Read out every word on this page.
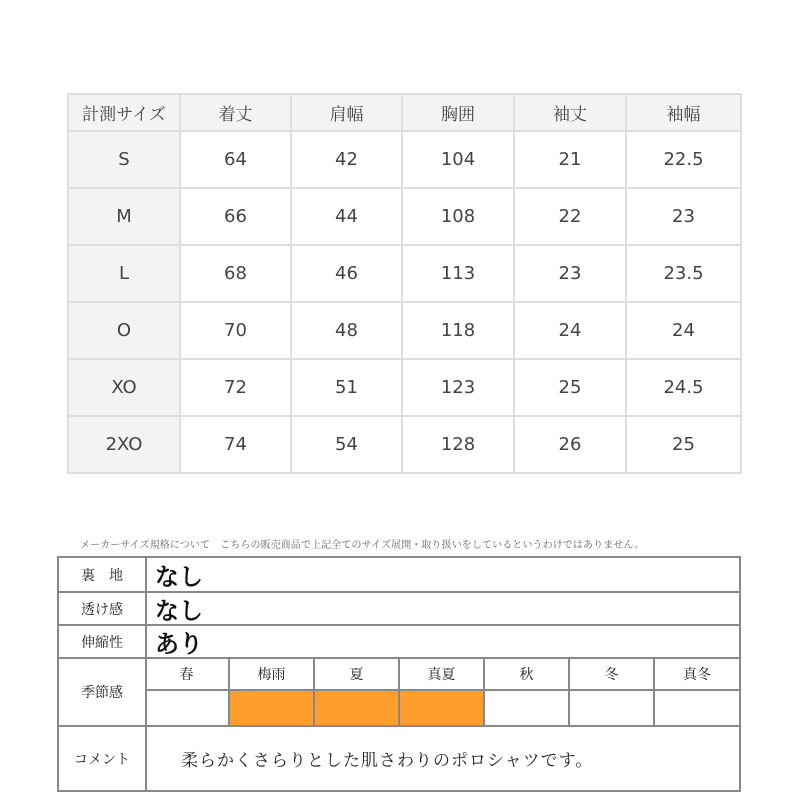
計測サイズ	着丈	肩幅	胸囲	袖丈	袖幅
S	64	42	104	21	22.5
M	66	44	108	22	23
L	68	46	113	23	23.5
O	70	48	118	24	24
XO	72	51	123	25	24.5
2XO	74	54	128	26	25
メーカーサイズ規格について　こちらの販売商品で上記全てのサイズ展開・取り扱いをしているというわけではありません。
裏　地	なし
透け感	なし
伸縮性	あり
季節感
春	梅雨	夏	真夏	秋	冬	真冬
コメント	柔らかくさらりとした肌さわりのポロシャツです。
